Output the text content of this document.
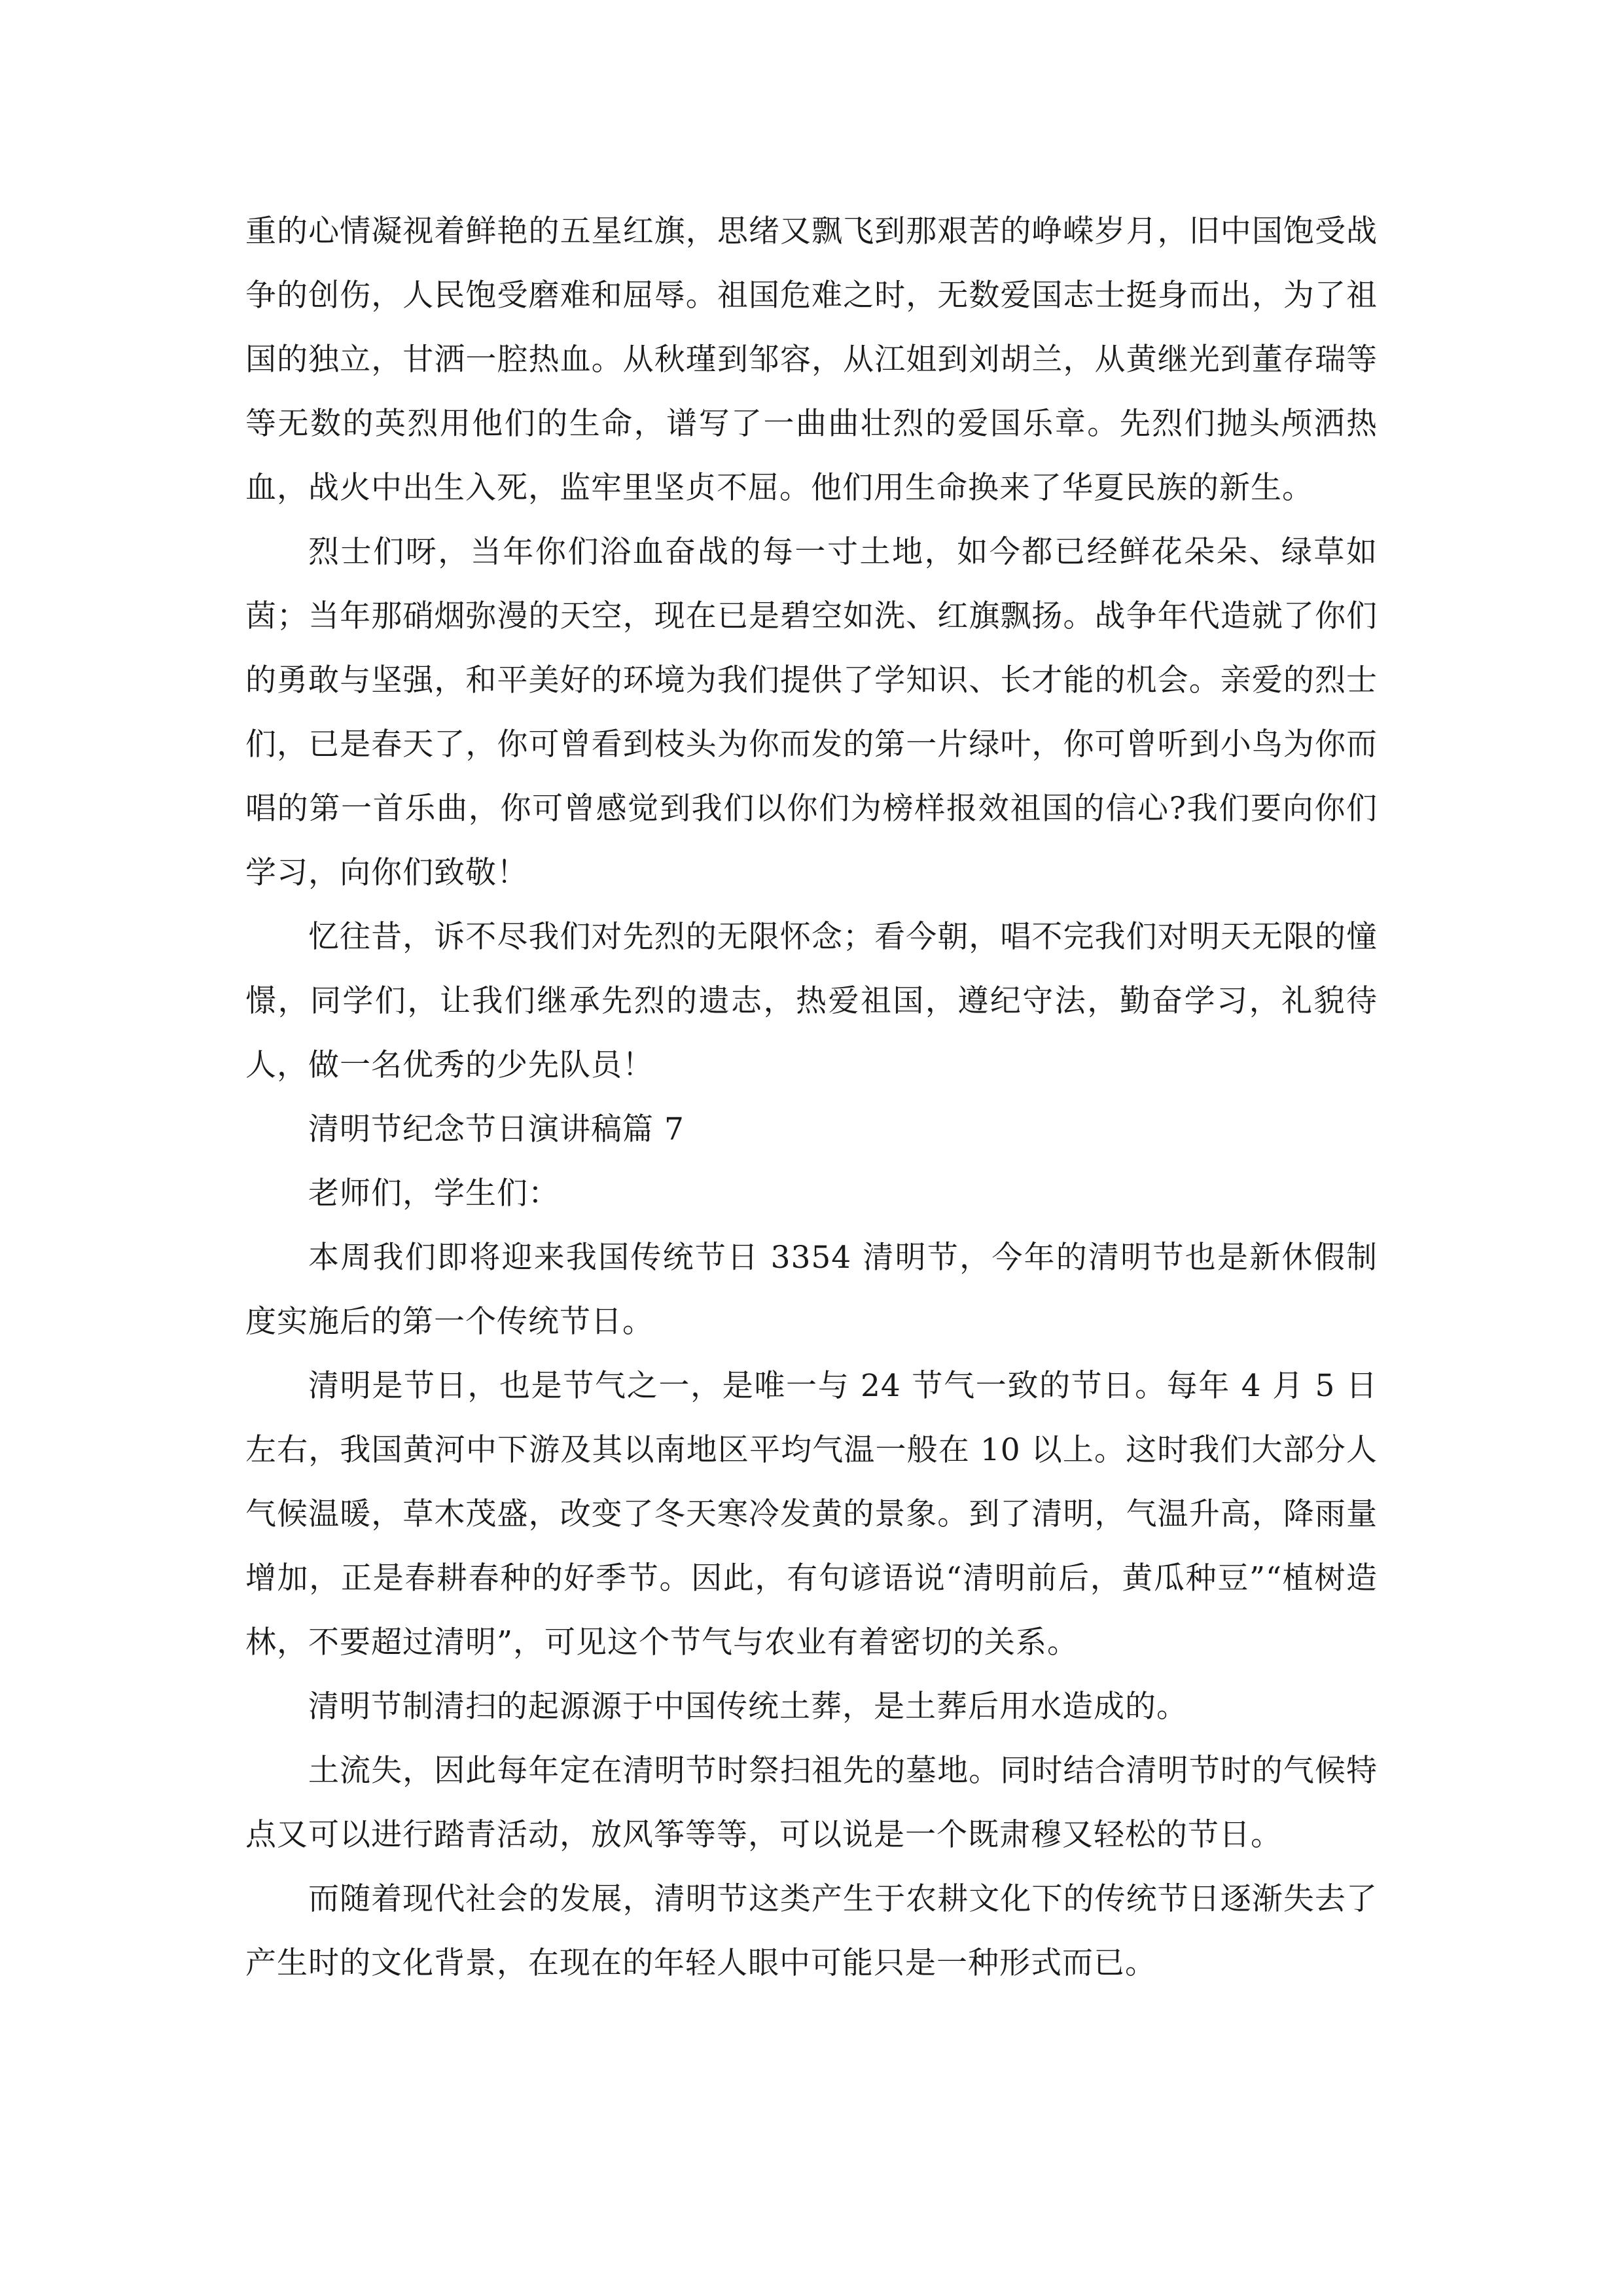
重的心情凝视着鲜艳的五星红旗，思绪又飘飞到那艰苦的峥嵘岁月，旧中国饱受战争的创伤，人民饱受磨难和屈辱。祖国危难之时，无数爱国志士挺身而出，为了祖国的独立，甘洒一腔热血。从秋瑾到邹容，从江姐到刘胡兰，从黄继光到董存瑞等等无数的英烈用他们的生命，谱写了一曲曲壮烈的爱国乐章。先烈们抛头颅洒热血，战火中出生入死，监牢里坚贞不屈。他们用生命换来了华夏民族的新生。

烈士们呀，当年你们浴血奋战的每一寸土地，如今都已经鲜花朵朵、绿草如茵；当年那硝烟弥漫的天空，现在已是碧空如洗、红旗飘扬。战争年代造就了你们的勇敢与坚强，和平美好的环境为我们提供了学知识、长才能的机会。亲爱的烈士们，已是春天了，你可曾看到枝头为你而发的第一片绿叶，你可曾听到小鸟为你而唱的第一首乐曲，你可曾感觉到我们以你们为榜样报效祖国的信心?我们要向你们学习，向你们致敬！

忆往昔，诉不尽我们对先烈的无限怀念；看今朝，唱不完我们对明天无限的憧憬，同学们，让我们继承先烈的遗志，热爱祖国，遵纪守法，勤奋学习，礼貌待人，做一名优秀的少先队员！

清明节纪念节日演讲稿篇 7

老师们，学生们：

本周我们即将迎来我国传统节日 3354 清明节，今年的清明节也是新休假制度实施后的第一个传统节日。

清明是节日，也是节气之一，是唯一与 24 节气一致的节日。每年 4 月 5 日左右，我国黄河中下游及其以南地区平均气温一般在 10 以上。这时我们大部分人气候温暖，草木茂盛，改变了冬天寒冷发黄的景象。到了清明，气温升高，降雨量增加，正是春耕春种的好季节。因此，有句谚语说“清明前后，黄瓜种豆”“植树造林，不要超过清明”，可见这个节气与农业有着密切的关系。

清明节制清扫的起源源于中国传统土葬，是土葬后用水造成的。

土流失，因此每年定在清明节时祭扫祖先的墓地。同时结合清明节时的气候特点又可以进行踏青活动，放风筝等等，可以说是一个既肃穆又轻松的节日。

而随着现代社会的发展，清明节这类产生于农耕文化下的传统节日逐渐失去了产生时的文化背景，在现在的年轻人眼中可能只是一种形式而已。
